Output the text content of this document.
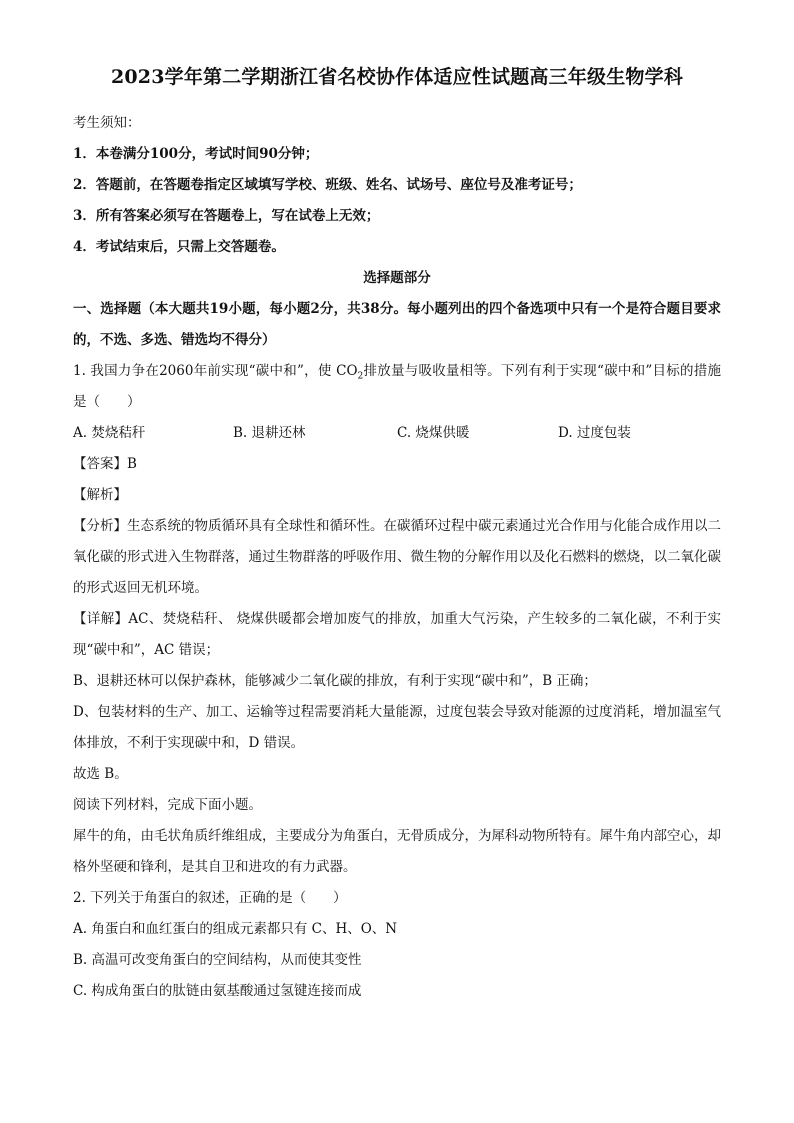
2023学年第二学期浙江省名校协作体适应性试题高三年级生物学科
考生须知：
1．本卷满分100分，考试时间90分钟；
2．答题前，在答题卷指定区域填写学校、班级、姓名、试场号、座位号及准考证号；
3．所有答案必须写在答题卷上，写在试卷上无效；
4．考试结束后，只需上交答题卷。
选择题部分
一、选择题（本大题共19小题，每小题2分，共38分。每小题列出的四个备选项中只有一个是符合题目要求的，不选、多选、错选均不得分）
1. 我国力争在2060年前实现“碳中和”，使 $CO_2$排放量与吸收量相等。下列有利于实现“碳中和”目标的措施是（　　）
A. 焚烧秸秆	B. 退耕还林	C. 烧煤供暖	D. 过度包装
【答案】B
【解析】
【分析】生态系统的物质循环具有全球性和循环性。在碳循环过程中碳元素通过光合作用与化能合成作用以二氧化碳的形式进入生物群落，通过生物群落的呼吸作用、微生物的分解作用以及化石燃料的燃烧，以二氧化碳的形式返回无机环境。
【详解】AC、焚烧秸秆、 烧煤供暖都会增加废气的排放，加重大气污染，产生较多的二氧化碳，不利于实现“碳中和”，AC 错误；
B、退耕还林可以保护森林，能够减少二氧化碳的排放，有利于实现“碳中和”，B 正确；
D、包装材料的生产、加工、运输等过程需要消耗大量能源，过度包装会导致对能源的过度消耗，增加温室气体排放，不利于实现碳中和，D 错误。
故选 B。
阅读下列材料，完成下面小题。
犀牛的角，由毛状角质纤维组成，主要成分为角蛋白，无骨质成分，为犀科动物所特有。犀牛角内部空心，却格外坚硬和锋利，是其自卫和进攻的有力武器。
2. 下列关于角蛋白的叙述，正确的是（　　）
A. 角蛋白和血红蛋白的组成元素都只有 C、H、O、N
B. 高温可改变角蛋白的空间结构，从而使其变性
C. 构成角蛋白的肽链由氨基酸通过氢键连接而成
